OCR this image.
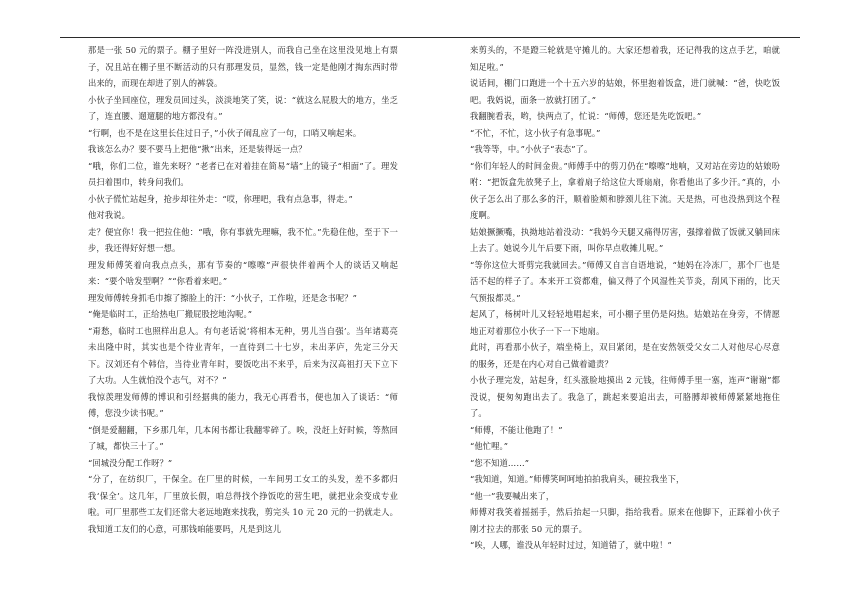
那是一张 50 元的票子。棚子里好一阵没进别人，而我自己坐在这里没见地上有票子，况且站在棚子里不断活动的只有那理发员，显然，钱一定是他刚才掏东西时带出来的，而现在却进了别人的裤袋。

小伙子坐回座位，理发员回过头，淡淡地笑了笑，说：“就这么屁股大的地方，坐乏了，连直腰、遛遛腿的地方都没有。”

“行啊，也不是在这里长住过日子，”小伙子闹乱应了一句，口哨又响起来。

我该怎么办？要不要马上把他“揪”出来，还是装得远一点？

“哦，你们二位，谁先来呀？”老者已在对着挂在简易“墙”上的镜子“相面”了。理发员扫着围巾，转身问我们。

小伙子慌忙站起身，抢步却往外走：“哎，你理吧，我有点急事，得走。”

他对我说。

走？便宜你！我一把拉住他：“哦，你有事就先理嘛，我不忙。”先稳住他，至于下一步，我还得好好想一想。

理发师傅笑着向我点点头，那有节奏的“嚓嚓”声很快伴着两个人的谈话又响起来：“要个啥发型啊？”“你看着来吧。”

理发师傅转身抓毛巾擦了擦脸上的汗：“小伙子，工作啦，还是念书呢？”

“俺是临时工，正给热电厂搬屁股挖地沟呢。”

“甭愁，临时工也照样出息人。有句老话说‘将相本无种，男儿当自强’。当年诸葛亮未出隆中时，其实也是个待业青年，一直待到二十七岁，未出茅庐，先定三分天下。汉刘还有个韩信，当待业青年时，要饭吃出不来乎，后来为汉高祖打天下立下了大功。人生就怕没个志气，对不？”

我惊羡理发师傅的博识和引经据典的能力，我无心再看书，便也加入了谈话：“师傅，您没少读书呢。”

“倒是爱翻翻，下乡那几年，几本闲书都让我翻零碎了。唉，没赶上好时候，等熬回了城，都快三十了。”

“回城没分配工作呀？”

“分了，在纺织厂，干保全。在厂里的时候，一车间男工女工的头发，差不多都归我‘保全’。这几年，厂里放长假，咱总得找个挣饭吃的营生吧，就把业余变成专业啦。可厂里那些工友们还常大老远地跑来找我，剪完头 10 元 20 元的一扔就走人。我知道工友们的心意，可那钱咱能要吗，凡是到这儿

来剪头的，不是蹬三轮就是守摊儿的。大家还想着我，还记得我的这点手艺，咱就知足啦。”

说话间，棚门口跑进一个十五六岁的姑娘，怀里抱着饭盒，进门就喊：“爸，快吃饭吧。我妈说，面条一放就打团了。”

我翻腕看表，哟，快两点了，忙说：“师傅，您还是先吃饭吧。”

“不忙，不忙，这小伙子有急事呢。”

“我等等，中。”小伙子“表态”了。

“你们年轻人的时间金贵。”师傅手中的剪刀仍在“嚓嚓”地响，又对站在旁边的姑娘吩咐：“把饭盒先放凳子上，拿着扇子给这位大哥扇扇，你看他出了多少汗。”真的，小伙子怎么出了那么多的汗，顺着脸颊和脖颈儿往下流。天是热，可也没热到这个程度啊。

姑娘撅撅嘴，执拗地站着没动：“我妈今天腿又痛得厉害，强撑着做了饭就又躺回床上去了。她说今儿午后要下雨，叫你早点收摊儿呢。”

“等你这位大哥剪完我就回去。”师傅又自言自语地说，“她妈在冷冻厂，那个厂也是活不起的样子了。本来开工资都难，偏又得了个风湿性关节炎，刮风下雨的，比天气预报都灵。”

起风了，杨树叶儿又轻轻地唱起来，可小棚子里仍是闷热。姑娘站在身旁，不情愿地正对着那位小伙子一下一下地扇。

此时，再看那小伙子，端坐椅上，双目紧闭，是在安然领受父女二人对他尽心尽意的服务，还是在内心对自己做着谴责？

小伙子理完发，站起身，红头涨脸地摸出 2 元钱，往师傅手里一塞，连声“谢谢”都没说，便匆匆跑出去了。我急了，跳起来要追出去，可胳膊却被师傅紧紧地拖住了。

“师傅，不能让他跑了！”

“他忙哩。”

“您不知道……”

“我知道，知道。”师傅笑呵呵地拍拍我肩头，硬拉我坐下，

“他一”我要喊出来了，

师傅对我笑着摇摇手，然后抬起一只脚，指给我看。原来在他脚下，正踩着小伙子刚才拉去的那张 50 元的票子。

“唉，人哪，谁没从年轻时过过，知道错了，就中啦！”
